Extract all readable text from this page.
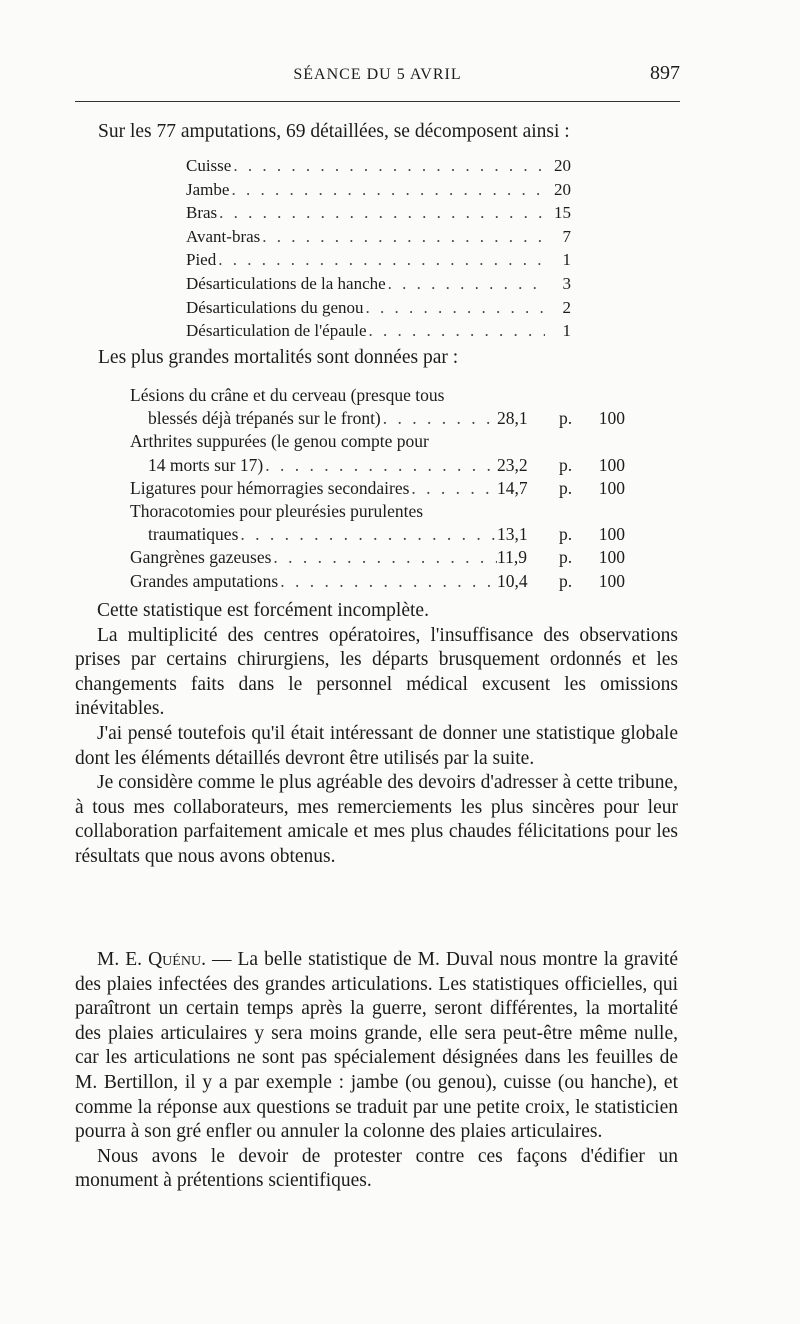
SÉANCE DU 5 AVRIL	897
Sur les 77 amputations, 69 détaillées, se décomposent ainsi :
Cuisse . . .	20
Jambe . . .	20
Bras . . .	15
Avant-bras . . .	7
Pied . . .	1
Désarticulations de la hanche . . .	3
Désarticulations du genou . . .	2
Désarticulation de l'épaule . . .	1
Les plus grandes mortalités sont données par :
Lésions du crâne et du cerveau (presque tous
blessés déjà trépanés sur le front) . . .	28,1	p.	100
Arthrites suppurées (le genou compte pour
14 morts sur 17) . . .	23,2	p.	100
Ligatures pour hémorragies secondaires . . .	14,7	p.	100
Thoracotomies pour pleurésies purulentes
traumatiques . . .	13,1	p.	100
Gangrènes gazeuses . . .	11,9	p.	100
Grandes amputations . . .	10,4	p.	100

Cette statistique est forcément incomplète.

La multiplicité des centres opératoires, l'insuffisance des observations prises par certains chirurgiens, les départs brusquement ordonnés et les changements faits dans le personnel médical excusent les omissions inévitables.

J'ai pensé toutefois qu'il était intéressant de donner une statistique globale dont les éléments détaillés devront être utilisés par la suite.

Je considère comme le plus agréable des devoirs d'adresser à cette tribune, à tous mes collaborateurs, mes remerciements les plus sincères pour leur collaboration parfaitement amicale et mes plus chaudes félicitations pour les résultats que nous avons obtenus.

M. E. Quénu. — La belle statistique de M. Duval nous montre la gravité des plaies infectées des grandes articulations. Les statistiques officielles, qui paraîtront un certain temps après la guerre, seront différentes, la mortalité des plaies articulaires y sera moins grande, elle sera peut-être même nulle, car les articulations ne sont pas spécialement désignées dans les feuilles de M. Bertillon, il y a par exemple : jambe (ou genou), cuisse (ou hanche), et comme la réponse aux questions se traduit par une petite croix, le statisticien pourra à son gré enfler ou annuler la colonne des plaies articulaires.

Nous avons le devoir de protester contre ces façons d'édifier un monument à prétentions scientifiques.
